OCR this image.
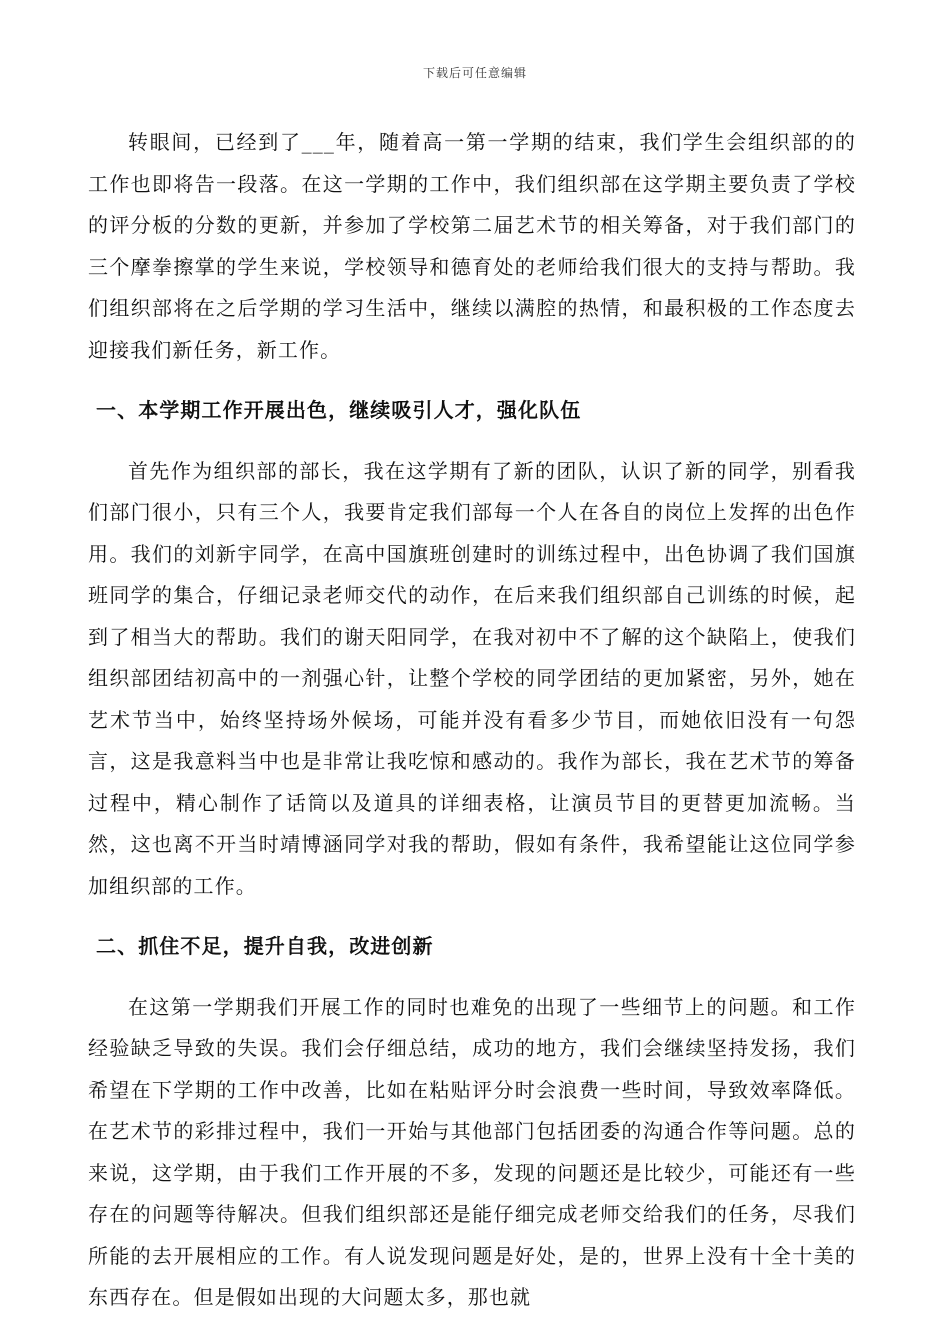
下载后可任意编辑

转眼间，已经到了___年，随着高一第一学期的结束，我们学生会组织部的的工作也即将告一段落。在这一学期的工作中，我们组织部在这学期主要负责了学校的评分板的分数的更新，并参加了学校第二届艺术节的相关筹备，对于我们部门的三个摩拳擦掌的学生来说，学校领导和德育处的老师给我们很大的支持与帮助。我们组织部将在之后学期的学习生活中，继续以满腔的热情，和最积极的工作态度去迎接我们新任务，新工作。

一、本学期工作开展出色，继续吸引人才，强化队伍

首先作为组织部的部长，我在这学期有了新的团队，认识了新的同学，别看我们部门很小，只有三个人，我要肯定我们部每一个人在各自的岗位上发挥的出色作用。我们的刘新宇同学，在高中国旗班创建时的训练过程中，出色协调了我们国旗班同学的集合，仔细记录老师交代的动作，在后来我们组织部自己训练的时候，起到了相当大的帮助。我们的谢天阳同学，在我对初中不了解的这个缺陷上，使我们组织部团结初高中的一剂强心针，让整个学校的同学团结的更加紧密，另外，她在艺术节当中，始终坚持场外候场，可能并没有看多少节目，而她依旧没有一句怨言，这是我意料当中也是非常让我吃惊和感动的。我作为部长，我在艺术节的筹备过程中，精心制作了话筒以及道具的详细表格，让演员节目的更替更加流畅。当然，这也离不开当时靖博涵同学对我的帮助，假如有条件，我希望能让这位同学参加组织部的工作。

二、抓住不足，提升自我，改进创新

在这第一学期我们开展工作的同时也难免的出现了一些细节上的问题。和工作经验缺乏导致的失误。我们会仔细总结，成功的地方，我们会继续坚持发扬，我们希望在下学期的工作中改善，比如在粘贴评分时会浪费一些时间，导致效率降低。在艺术节的彩排过程中，我们一开始与其他部门包括团委的沟通合作等问题。总的来说，这学期，由于我们工作开展的不多，发现的问题还是比较少，可能还有一些存在的问题等待解决。但我们组织部还是能仔细完成老师交给我们的任务，尽我们所能的去开展相应的工作。有人说发现问题是好处，是的，世界上没有十全十美的东西存在。但是假如出现的大问题太多，那也就
